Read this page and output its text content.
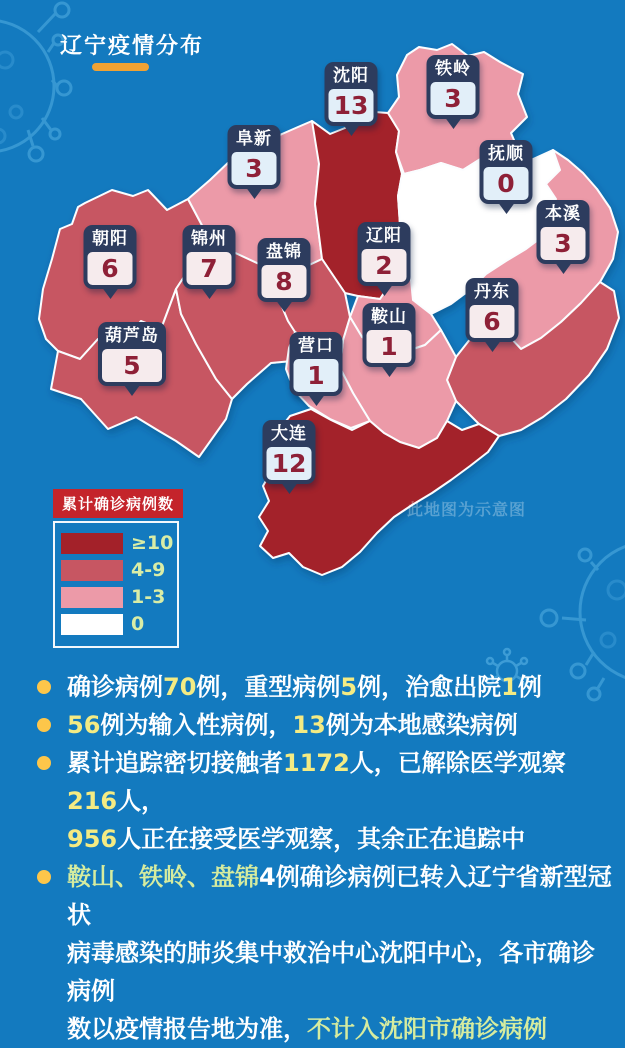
辽宁疫情分布
此地图为示意图
沈阳
13
铁岭
3
阜新
3	抚顺
0
本溪
3
辽阳
2
朝阳
6
锦州
7
盘锦
8	丹东
6
鞍山
1
葫芦岛
5
营口
1
大连
12
累计确诊病例数
≥10
4-9
1-3
0
确诊病例70例，重型病例5例，治愈出院1例
56例为输入性病例，13例为本地感染病例
累计追踪密切接触者1172人，已解除医学观察216人，
956人正在接受医学观察，其余正在追踪中
鞍山、铁岭、盘锦4例确诊病例已转入辽宁省新型冠状
病毒感染的肺炎集中救治中心沈阳中心，各市确诊病例
数以疫情报告地为准，不计入沈阳市确诊病例
